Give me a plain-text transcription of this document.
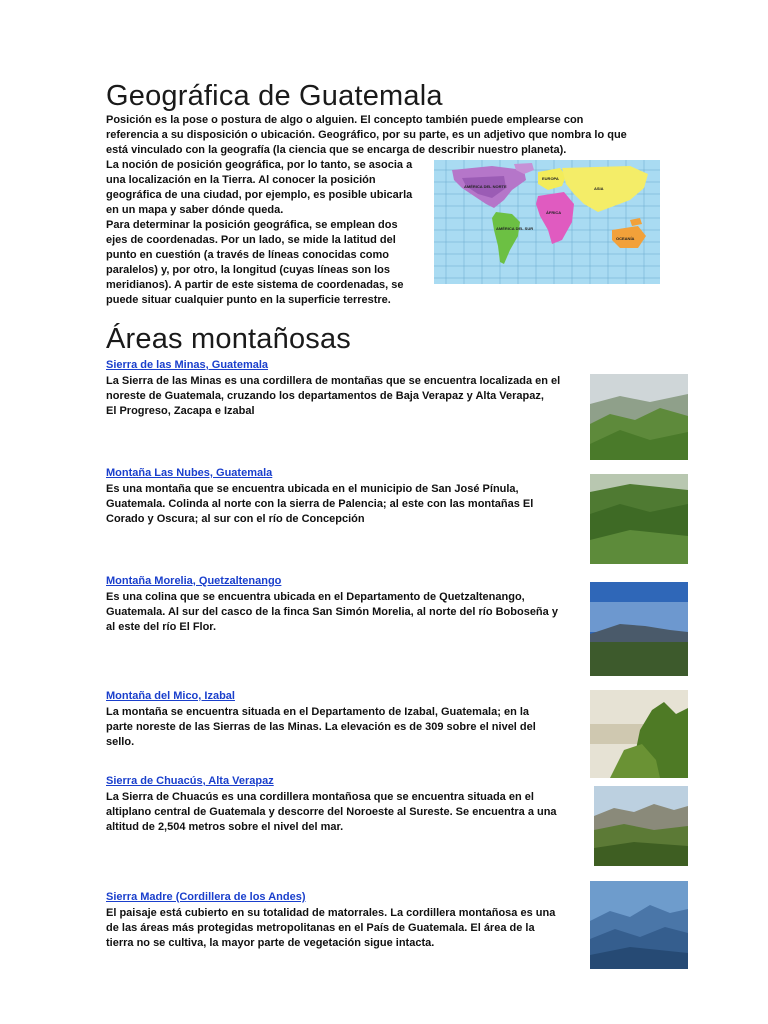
Geográfica de Guatemala
Posición es la pose o postura de algo o alguien. El concepto también puede emplearse con
referencia a su disposición o ubicación. Geográfico, por su parte, es un adjetivo que nombra lo que
está vinculado con la geografía (la ciencia que se encarga de describir nuestro planeta).
La noción de posición geográfica, por lo tanto, se asocia a
una localización en la Tierra. Al conocer la posición
geográfica de una ciudad, por ejemplo, es posible ubicarla
en un mapa y saber dónde queda.
Para determinar la posición geográfica, se emplean dos
ejes de coordenadas. Por un lado, se mide la latitud del
punto en cuestión (a través de líneas conocidas como
paralelos) y, por otro, la longitud (cuyas líneas son los
meridianos). A partir de este sistema de coordenadas, se
puede situar cualquier punto en la superficie terrestre.
AMÉRICA DEL NORTE
AMÉRICA DEL SUR
ÁFRICA
EUROPA
ASIA
OCEANÍA
Áreas montañosas
Sierra de las Minas, Guatemala
La Sierra de las Minas es una cordillera de montañas que se encuentra localizada en el
noreste de Guatemala, cruzando los departamentos de Baja Verapaz y Alta Verapaz,
El Progreso, Zacapa e Izabal
Montaña Las Nubes, Guatemala
Es una montaña que se encuentra ubicada en el municipio de San José Pínula,
Guatemala. Colinda al norte con la sierra de Palencia; al este con las montañas El
Corado y Oscura; al sur con el río de Concepción
Montaña Morelia, Quetzaltenango
Es una colina que se encuentra ubicada en el Departamento de Quetzaltenango,
Guatemala. Al sur del casco de la finca San Simón Morelia, al norte del río Boboseña y
al este del río El Flor.
Montaña del Mico, Izabal
La montaña se encuentra situada en el Departamento de Izabal, Guatemala; en la
parte noreste de las Sierras de las Minas. La elevación es de 309 sobre el nivel del
sello.
Sierra de Chuacús, Alta Verapaz
La Sierra de Chuacús es una cordillera montañosa que se encuentra situada en el
altiplano central de Guatemala y descorre del Noroeste al Sureste. Se encuentra a una
altitud de 2,504 metros sobre el nivel del mar.
Sierra Madre (Cordillera de los Andes)
El paisaje está cubierto en su totalidad de matorrales. La cordillera montañosa es una
de las áreas más protegidas metropolitanas en el País de Guatemala. El área de la
tierra no se cultiva, la mayor parte de vegetación sigue intacta.
